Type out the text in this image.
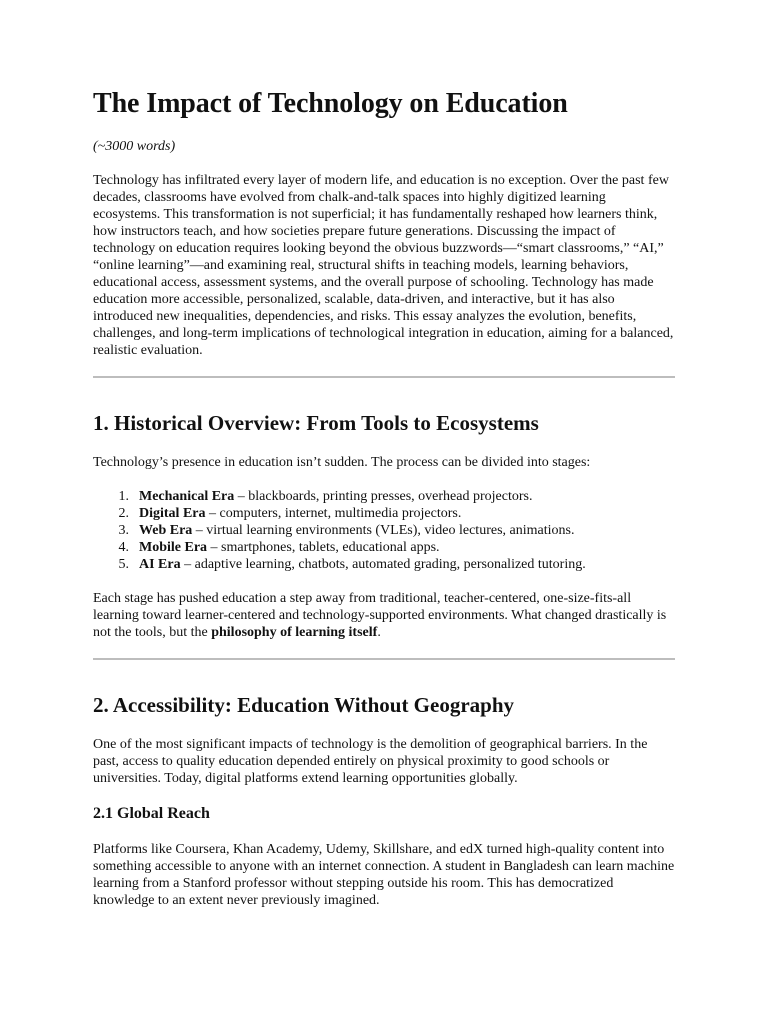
The Impact of Technology on Education

(~3000 words)

Technology has infiltrated every layer of modern life, and education is no exception. Over the past few decades, classrooms have evolved from chalk-and-talk spaces into highly digitized learning ecosystems. This transformation is not superficial; it has fundamentally reshaped how learners think, how instructors teach, and how societies prepare future generations. Discussing the impact of technology on education requires looking beyond the obvious buzzwords—“smart classrooms,” “AI,” “online learning”—and examining real, structural shifts in teaching models, learning behaviors, educational access, assessment systems, and the overall purpose of schooling. Technology has made education more accessible, personalized, scalable, data-driven, and interactive, but it has also introduced new inequalities, dependencies, and risks. This essay analyzes the evolution, benefits, challenges, and long-term implications of technological integration in education, aiming for a balanced, realistic evaluation.

1. Historical Overview: From Tools to Ecosystems

Technology’s presence in education isn’t sudden. The process can be divided into stages:

1. Mechanical Era – blackboards, printing presses, overhead projectors.
2. Digital Era – computers, internet, multimedia projectors.
3. Web Era – virtual learning environments (VLEs), video lectures, animations.
4. Mobile Era – smartphones, tablets, educational apps.
5. AI Era – adaptive learning, chatbots, automated grading, personalized tutoring.

Each stage has pushed education a step away from traditional, teacher-centered, one-size-fits-all learning toward learner-centered and technology-supported environments. What changed drastically is not the tools, but the philosophy of learning itself.

2. Accessibility: Education Without Geography

One of the most significant impacts of technology is the demolition of geographical barriers. In the past, access to quality education depended entirely on physical proximity to good schools or universities. Today, digital platforms extend learning opportunities globally.

2.1 Global Reach

Platforms like Coursera, Khan Academy, Udemy, Skillshare, and edX turned high-quality content into something accessible to anyone with an internet connection. A student in Bangladesh can learn machine learning from a Stanford professor without stepping outside his room. This has democratized knowledge to an extent never previously imagined.
